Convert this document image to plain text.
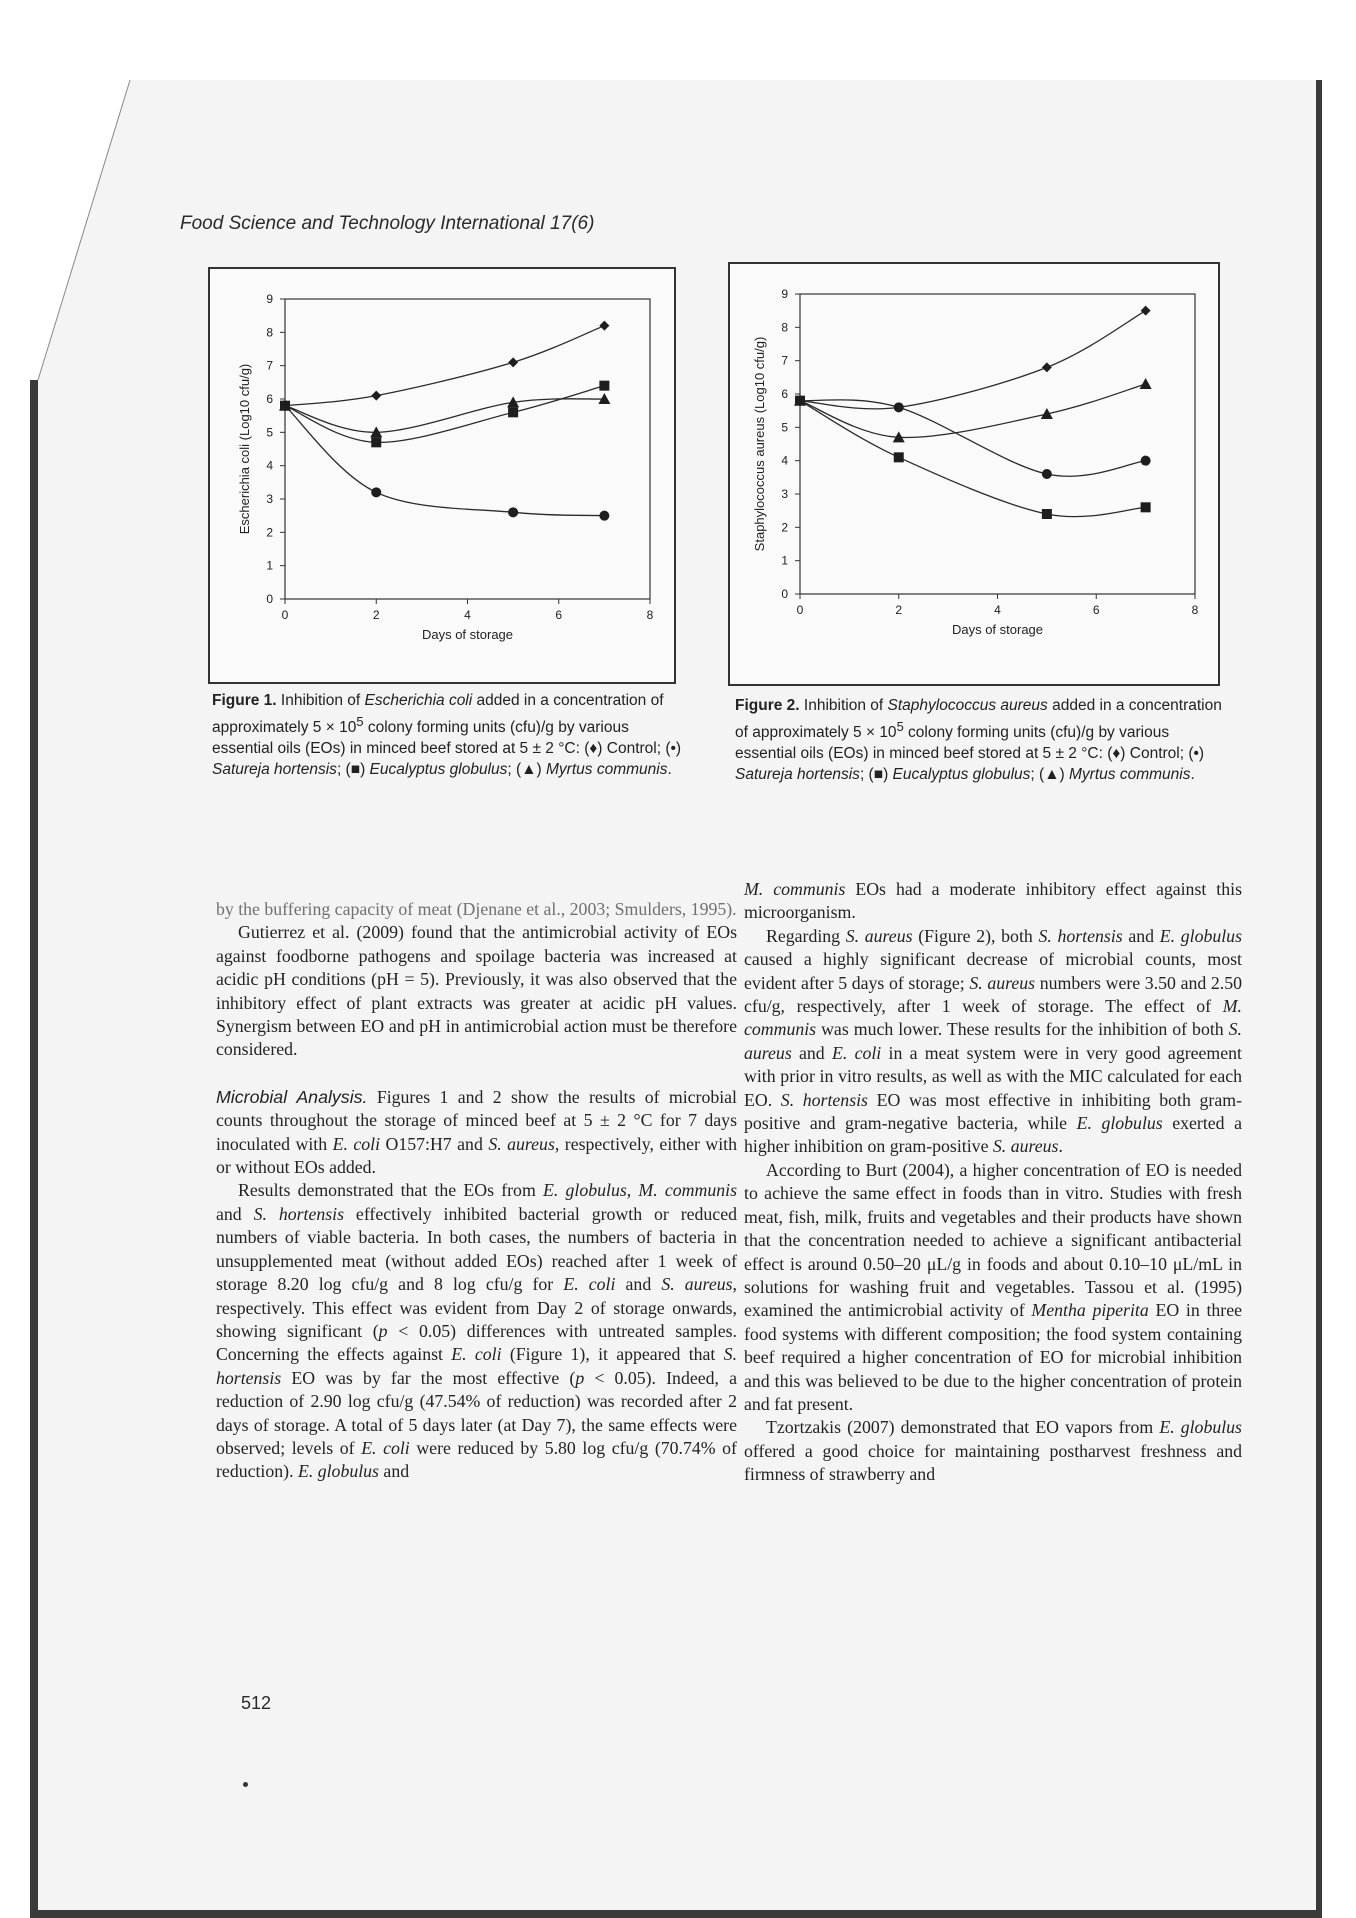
Food Science and Technology International 17(6)
0
1
2
3
4
5
6
7
8
9
0	2	4	6	8
Days of storage
Escherichia coli (Log10 cfu/g)
Figure 1. Inhibition of Escherichia coli added in a concentration of approximately $5 \times 10^5$ colony forming units (cfu)/g by various essential oils (EOs) in minced beef stored at 5 ± 2 °C: (♦) Control; (•) Satureja hortensis; (■) Eucalyptus globulus; (▲) Myrtus communis.
0
1
2
3
4
5
6
7
8
9
0	2	4	6	8
Days of storage
Staphylococcus aureus (Log10 cfu/g)
Figure 2. Inhibition of Staphylococcus aureus added in a concentration of approximately $5 \times 10^5$ colony forming units (cfu)/g by various essential oils (EOs) in minced beef stored at 5 ± 2 °C: (♦) Control; (•) Satureja hortensis; (■) Eucalyptus globulus; (▲) Myrtus communis.

by the buffering capacity of meat (Djenane et al., 2003; Smulders, 1995).

Gutierrez et al. (2009) found that the antimicrobial activity of EOs against foodborne pathogens and spoilage bacteria was increased at acidic pH conditions (pH = 5). Previously, it was also observed that the inhibitory effect of plant extracts was greater at acidic pH values. Synergism between EO and pH in antimicrobial action must be therefore considered.

Microbial Analysis. Figures 1 and 2 show the results of microbial counts throughout the storage of minced beef at 5 ± 2 °C for 7 days inoculated with E. coli O157:H7 and S. aureus, respectively, either with or without EOs added.

Results demonstrated that the EOs from E. globulus, M. communis and S. hortensis effectively inhibited bacterial growth or reduced numbers of viable bacteria. In both cases, the numbers of bacteria in unsupplemented meat (without added EOs) reached after 1 week of storage 8.20 log cfu/g and 8 log cfu/g for E. coli and S. aureus, respectively. This effect was evident from Day 2 of storage onwards, showing significant (p < 0.05) differences with untreated samples. Concerning the effects against E. coli (Figure 1), it appeared that S. hortensis EO was by far the most effective (p < 0.05). Indeed, a reduction of 2.90 log cfu/g (47.54% of reduction) was recorded after 2 days of storage. A total of 5 days later (at Day 7), the same effects were observed; levels of E. coli were reduced by 5.80 log cfu/g (70.74% of reduction). E. globulus and

M. communis EOs had a moderate inhibitory effect against this microorganism.

Regarding S. aureus (Figure 2), both S. hortensis and E. globulus caused a highly significant decrease of microbial counts, most evident after 5 days of storage; S. aureus numbers were 3.50 and 2.50 cfu/g, respectively, after 1 week of storage. The effect of M. communis was much lower. These results for the inhibition of both S. aureus and E. coli in a meat system were in very good agreement with prior in vitro results, as well as with the MIC calculated for each EO. S. hortensis EO was most effective in inhibiting both gram-positive and gram-negative bacteria, while E. globulus exerted a higher inhibition on gram-positive S. aureus.

According to Burt (2004), a higher concentration of EO is needed to achieve the same effect in foods than in vitro. Studies with fresh meat, fish, milk, fruits and vegetables and their products have shown that the concentration needed to achieve a significant antibacterial effect is around 0.50–20 μL/g in foods and about 0.10–10 μL/mL in solutions for washing fruit and vegetables. Tassou et al. (1995) examined the antimicrobial activity of Mentha piperita EO in three food systems with different composition; the food system containing beef required a higher concentration of EO for microbial inhibition and this was believed to be due to the higher concentration of protein and fat present.

Tzortzakis (2007) demonstrated that EO vapors from E. globulus offered a good choice for maintaining postharvest freshness and firmness of strawberry and

512
